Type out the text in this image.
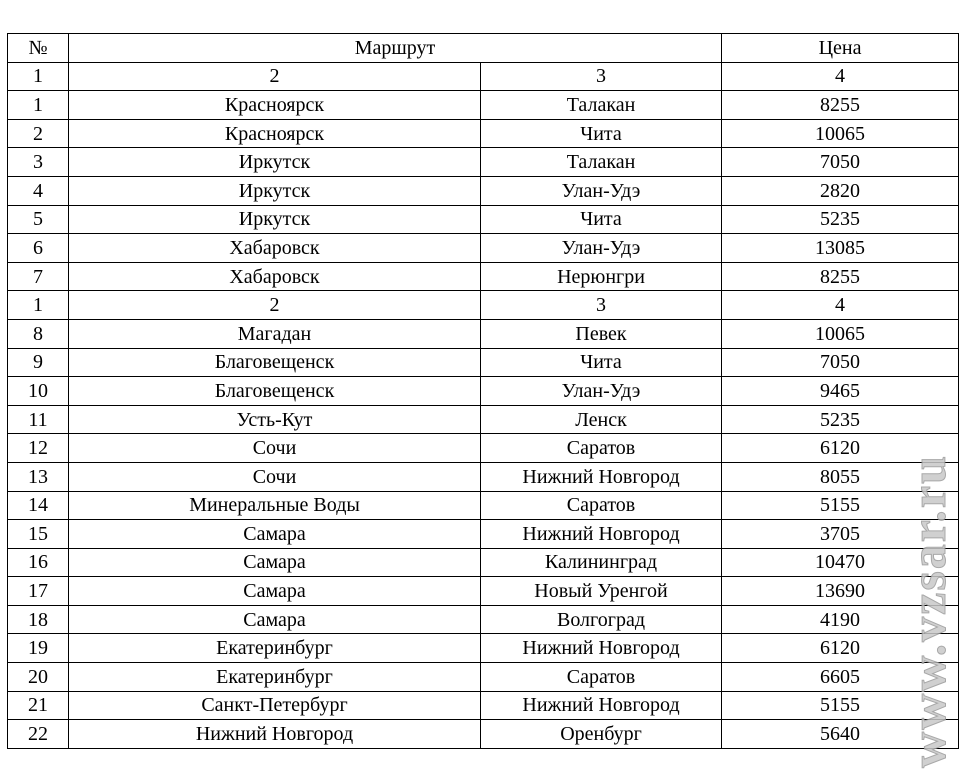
№	Маршрут		Цена
1	2	3	4
1	Красноярск	Талакан	8255
2	Красноярск	Чита	10065
3	Иркутск	Талакан	7050
4	Иркутск	Улан-Удэ	2820
5	Иркутск	Чита	5235
6	Хабаровск	Улан-Удэ	13085
7	Хабаровск	Нерюнгри	8255
1	2	3	4
8	Магадан	Певек	10065
9	Благовещенск	Чита	7050
10	Благовещенск	Улан-Удэ	9465
11	Усть-Кут	Ленск	5235
12	Сочи	Саратов	6120
13	Сочи	Нижний Новгород	8055
14	Минеральные Воды	Саратов	5155
15	Самара	Нижний Новгород	3705
16	Самара	Калининград	10470
17	Самара	Новый Уренгой	13690
18	Самара	Волгоград	4190
19	Екатеринбург	Нижний Новгород	6120
20	Екатеринбург	Саратов	6605
21	Санкт-Петербург	Нижний Новгород	5155
22	Нижний Новгород	Оренбург	5640 www.vzsar.ru
